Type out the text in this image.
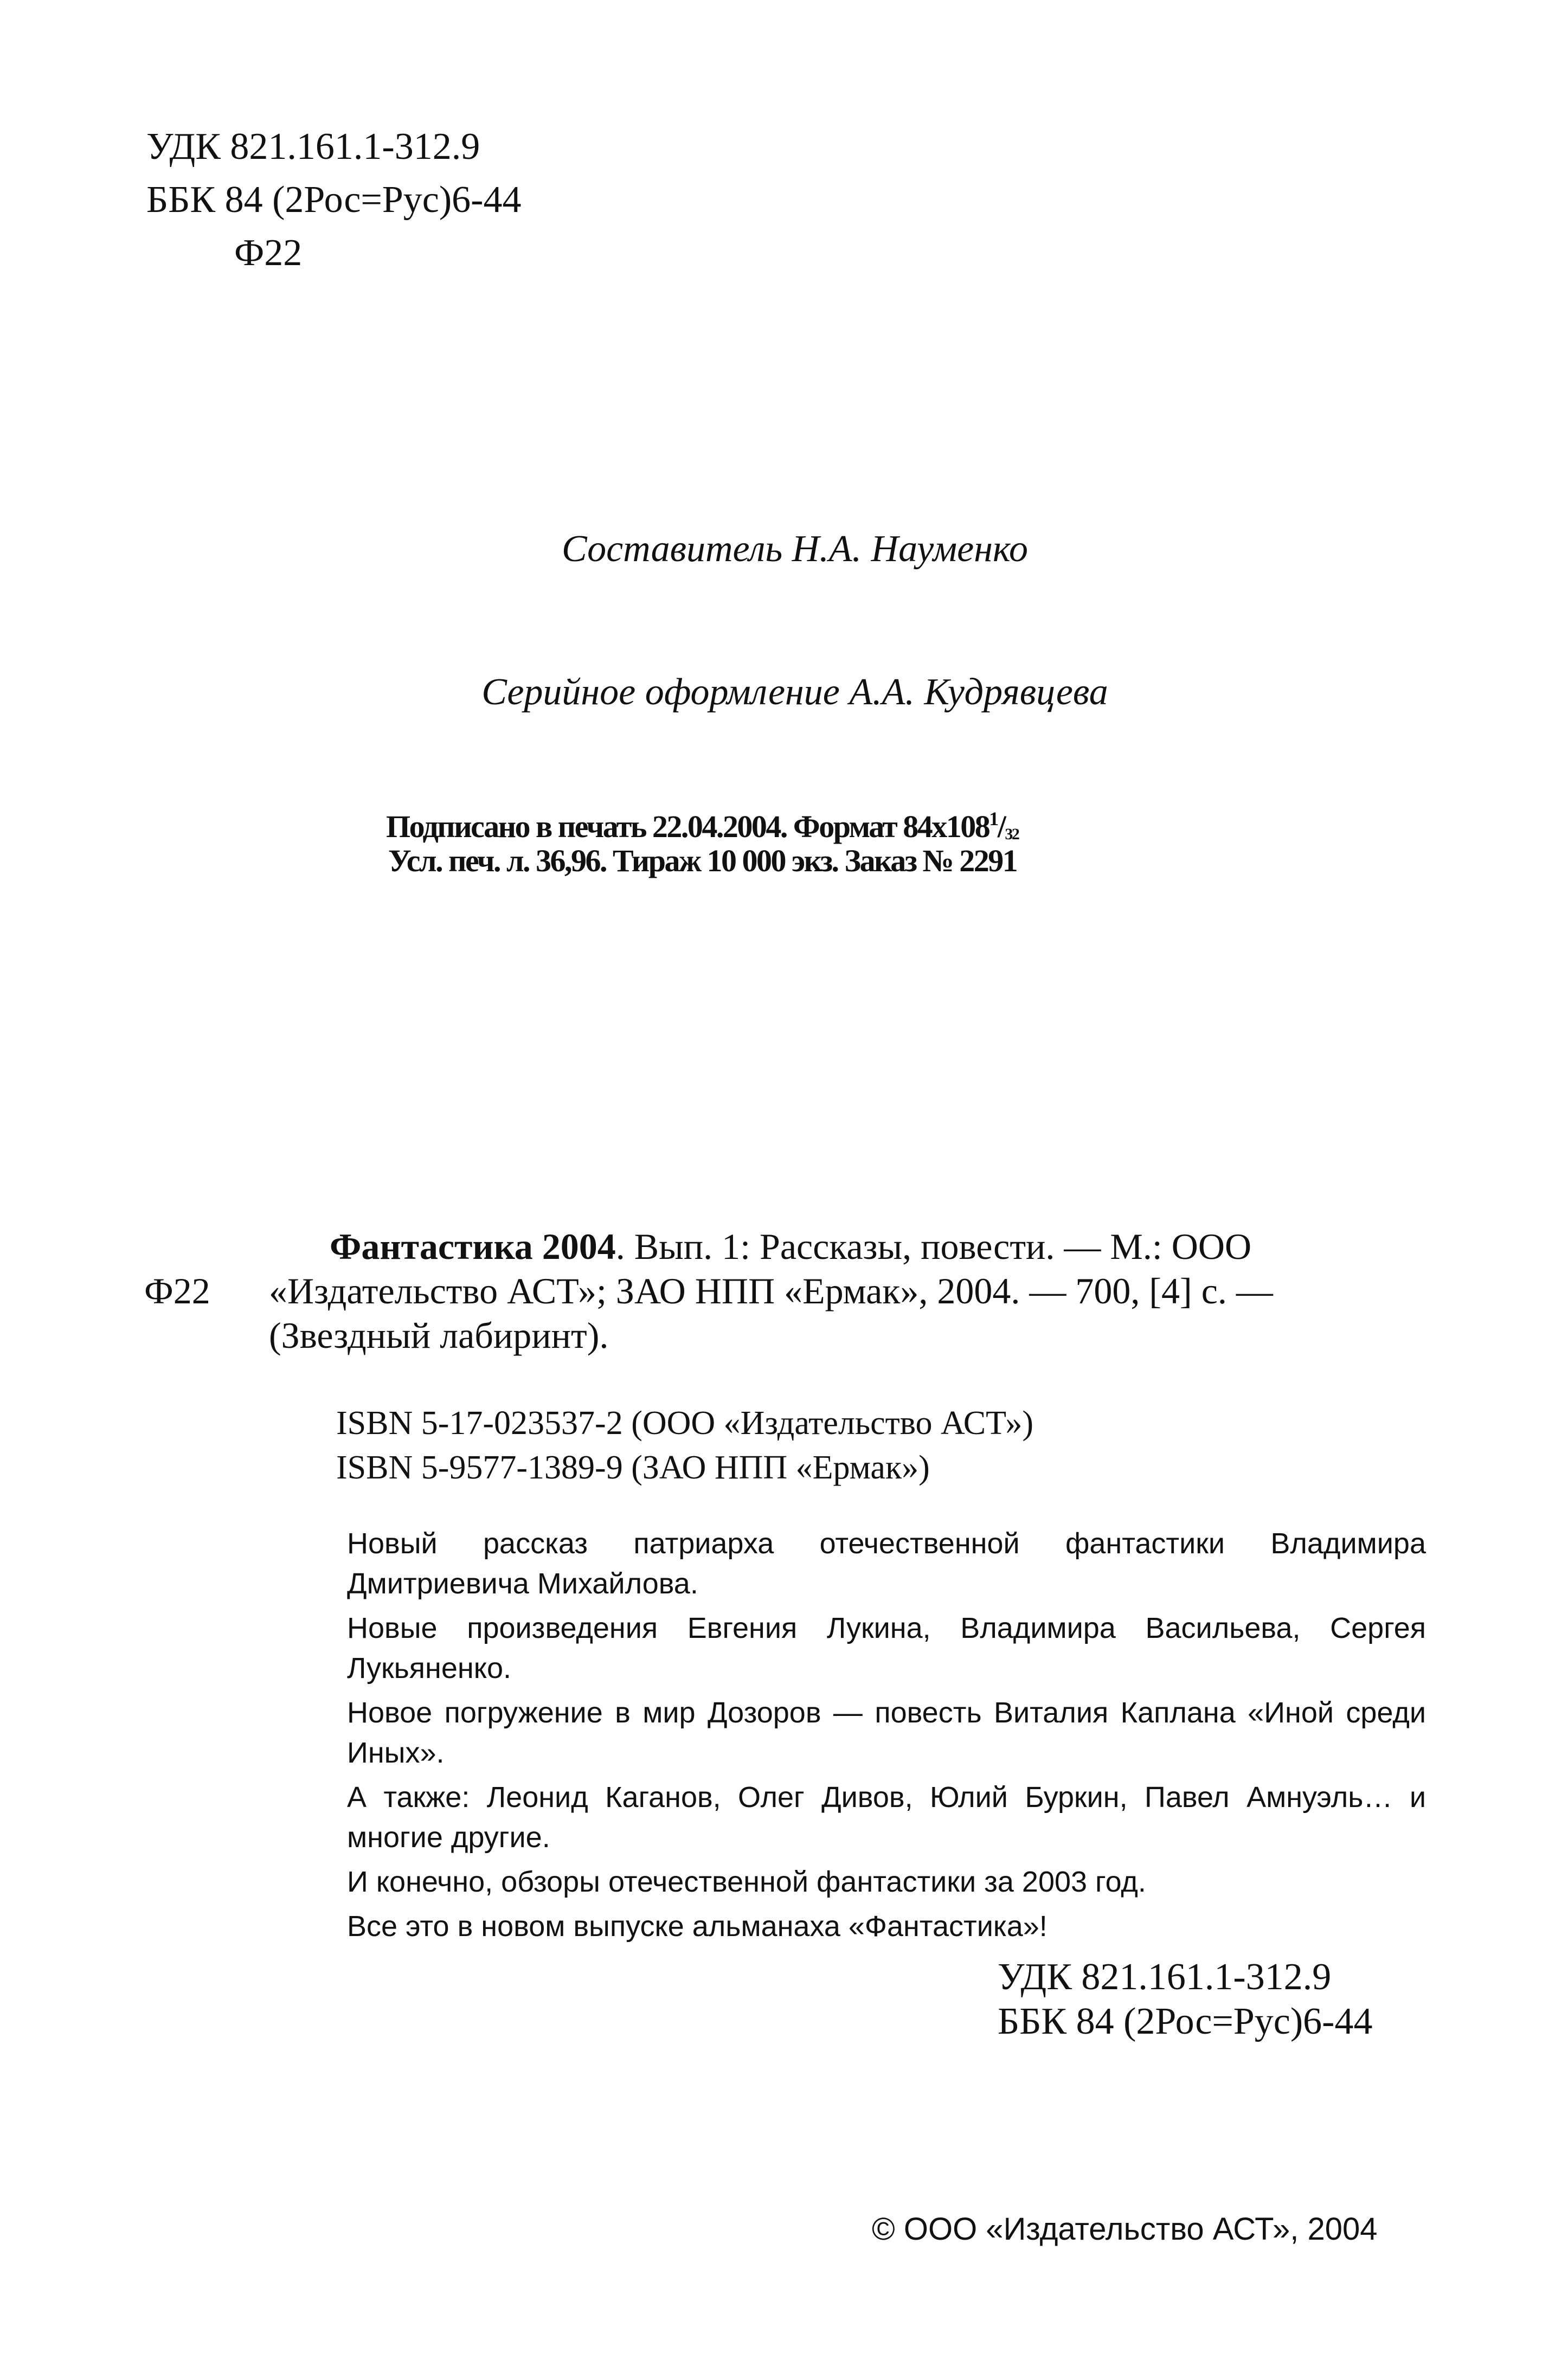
УДК 821.161.1-312.9
ББК 84 (2Рос=Рус)6-44
Ф22
Составитель Н.А. Науменко
Серийное оформление А.А. Кудрявцева
Подписано в печать 22.04.2004. Формат $84х108^1/32$
Усл. печ. л. 36,96. Тираж 10 000 экз. Заказ № 2291
Фантастика 2004. Вып. 1: Рассказы, повести. — М.: ООО
Ф22 «Издательство АСТ»; ЗАО НПП «Ермак», 2004. — 700, [4] с. —
(Звездный лабиринт).
ISBN 5-17-023537-2 (ООО «Издательство АСТ»)
ISBN 5-9577-1389-9 (ЗАО НПП «Ермак»)

Новый рассказ патриарха отечественной фантастики Владимира Дмитриевича Михайлова.

Новые произведения Евгения Лукина, Владимира Васильева, Сергея Лукьяненко.

Новое погружение в мир Дозоров — повесть Виталия Каплана «Иной среди Иных».

А также: Леонид Каганов, Олег Дивов, Юлий Буркин, Павел Амнуэль… и многие другие.

И конечно, обзоры отечественной фантастики за 2003 год.

Все это в новом выпуске альманаха «Фантастика»!

УДК 821.161.1-312.9
ББК 84 (2Рос=Рус)6-44
© ООО «Издательство АСТ», 2004
